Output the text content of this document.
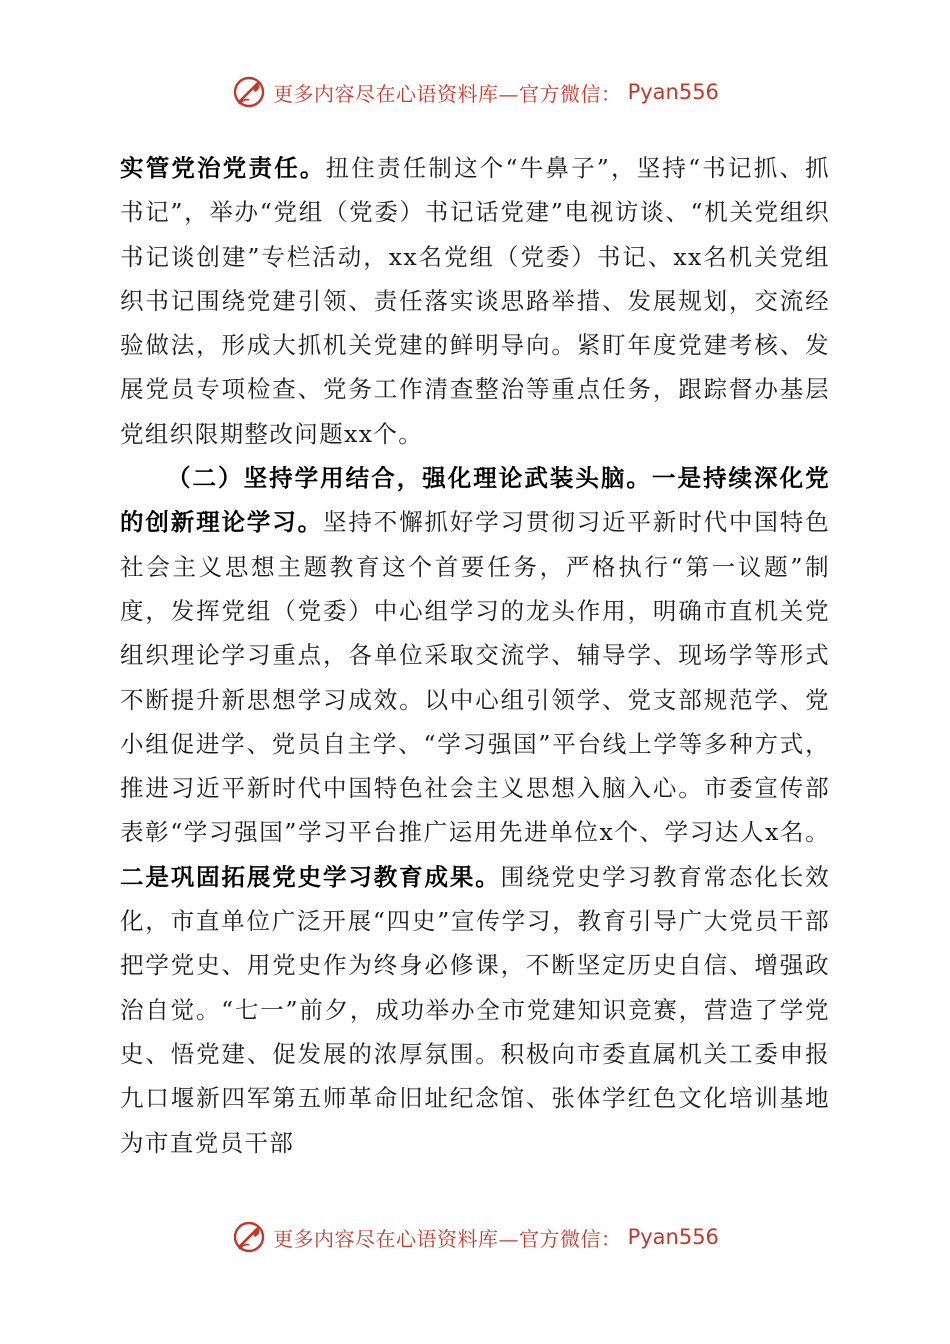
更多内容尽在心语资料库—官方微信： Pyan556

实管党治党责任。扭住责任制这个“牛鼻子”，坚持“书记抓、抓书记”，举办“党组（党委）书记话党建”电视访谈、“机关党组织书记谈创建”专栏活动，xx名党组（党委）书记、xx名机关党组织书记围绕党建引领、责任落实谈思路举措、发展规划，交流经验做法，形成大抓机关党建的鲜明导向。紧盯年度党建考核、发展党员专项检查、党务工作清查整治等重点任务，跟踪督办基层党组织限期整改问题xx个。

（二）坚持学用结合，强化理论武装头脑。一是持续深化党的创新理论学习。坚持不懈抓好学习贯彻习近平新时代中国特色社会主义思想主题教育这个首要任务，严格执行“第一议题”制度，发挥党组（党委）中心组学习的龙头作用，明确市直机关党组织理论学习重点，各单位采取交流学、辅导学、现场学等形式不断提升新思想学习成效。以中心组引领学、党支部规范学、党小组促进学、党员自主学、“学习强国”平台线上学等多种方式，推进习近平新时代中国特色社会主义思想入脑入心。市委宣传部表彰“学习强国”学习平台推广运用先进单位x个、学习达人x名。二是巩固拓展党史学习教育成果。围绕党史学习教育常态化长效化，市直单位广泛开展“四史”宣传学习，教育引导广大党员干部把学党史、用党史作为终身必修课，不断坚定历史自信、增强政治自觉。“七一”前夕，成功举办全市党建知识竞赛，营造了学党史、悟党建、促发展的浓厚氛围。积极向市委直属机关工委申报九口堰新四军第五师革命旧址纪念馆、张体学红色文化培训基地为市直党员干部

更多内容尽在心语资料库—官方微信： Pyan556
